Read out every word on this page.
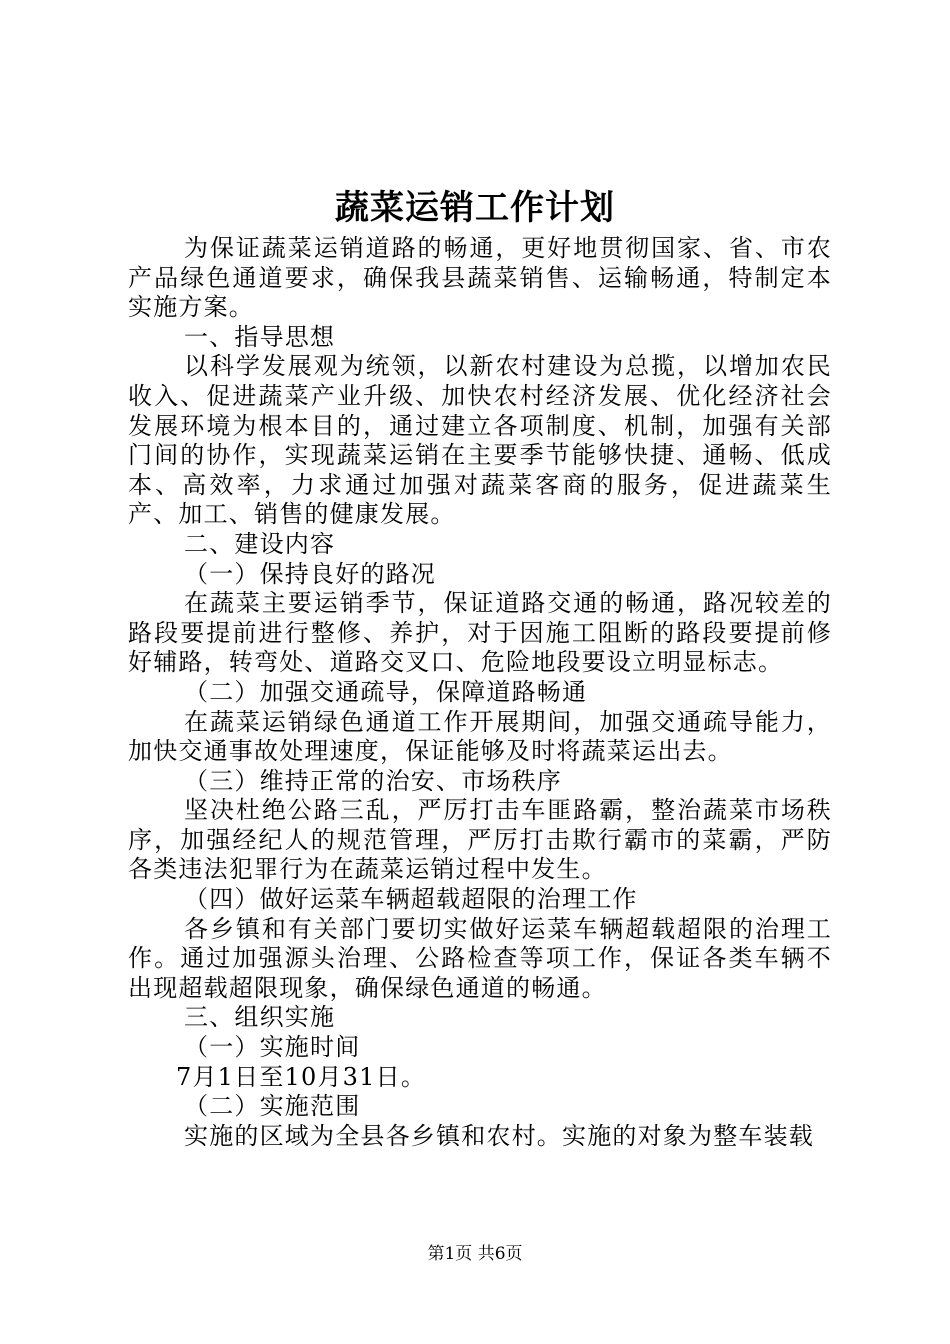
蔬菜运销工作计划

为保证蔬菜运销道路的畅通，更好地贯彻国家、省、市农产品绿色通道要求，确保我县蔬菜销售、运输畅通，特制定本实施方案。

一、指导思想

以科学发展观为统领，以新农村建设为总揽，以增加农民收入、促进蔬菜产业升级、加快农村经济发展、优化经济社会发展环境为根本目的，通过建立各项制度、机制，加强有关部门间的协作，实现蔬菜运销在主要季节能够快捷、通畅、低成本、高效率，力求通过加强对蔬菜客商的服务，促进蔬菜生产、加工、销售的健康发展。

二、建设内容

（一）保持良好的路况

在蔬菜主要运销季节，保证道路交通的畅通，路况较差的路段要提前进行整修、养护，对于因施工阻断的路段要提前修好辅路，转弯处、道路交叉口、危险地段要设立明显标志。

（二）加强交通疏导，保障道路畅通

在蔬菜运销绿色通道工作开展期间，加强交通疏导能力，加快交通事故处理速度，保证能够及时将蔬菜运出去。

（三）维持正常的治安、市场秩序

坚决杜绝公路三乱，严厉打击车匪路霸，整治蔬菜市场秩序，加强经纪人的规范管理，严厉打击欺行霸市的菜霸，严防各类违法犯罪行为在蔬菜运销过程中发生。

（四）做好运菜车辆超载超限的治理工作

各乡镇和有关部门要切实做好运菜车辆超载超限的治理工作。通过加强源头治理、公路检查等项工作，保证各类车辆不出现超载超限现象，确保绿色通道的畅通。

三、组织实施

（一）实施时间

7月1日至10月31日。

（二）实施范围

实施的区域为全县各乡镇和农村。实施的对象为整车装载

第1页 共6页
